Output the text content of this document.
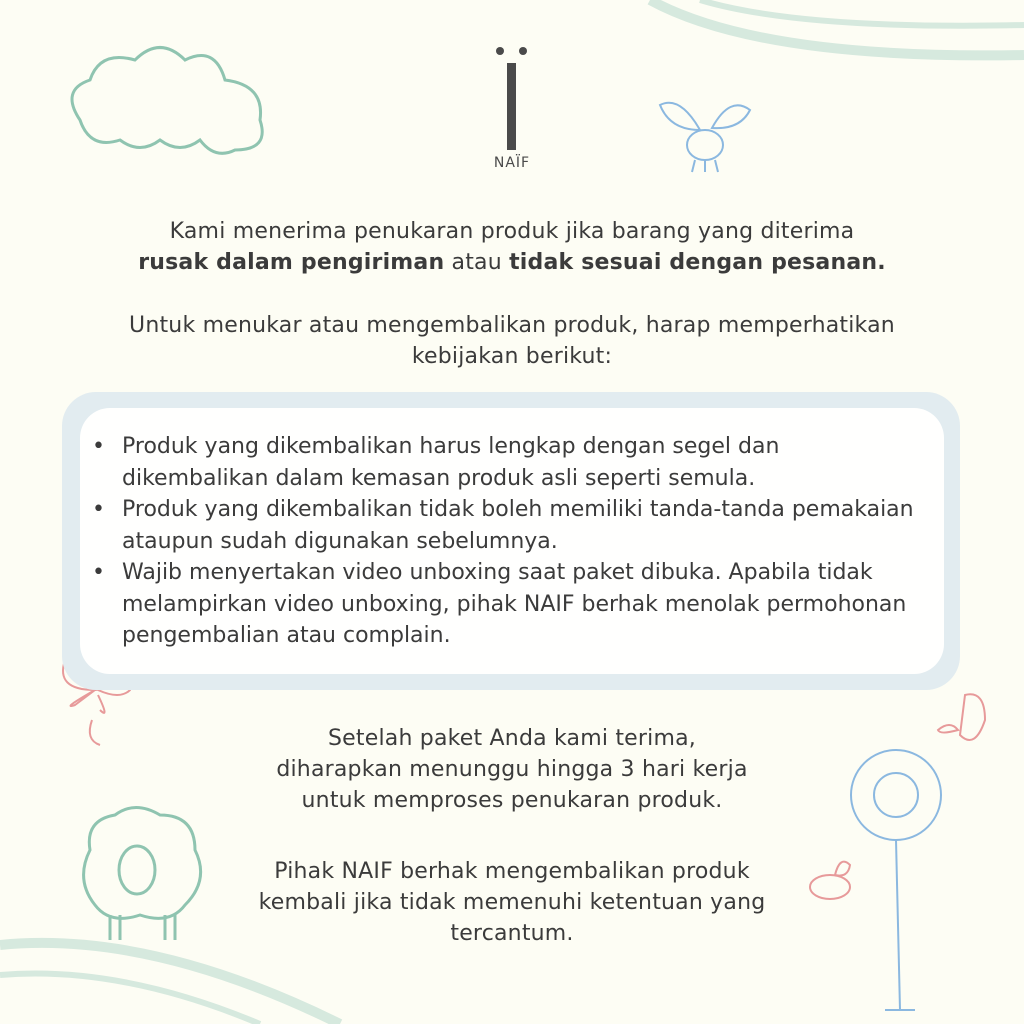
NAÏF
Kami menerima penukaran produk jika barang yang diterima
rusak dalam pengiriman atau tidak sesuai dengan pesanan.
Untuk menukar atau mengembalikan produk, harap memperhatikan
kebijakan berikut:
• Produk yang dikembalikan harus lengkap dengan segel dan dikembalikan dalam kemasan produk asli seperti semula.
• Produk yang dikembalikan tidak boleh memiliki tanda-tanda pemakaian ataupun sudah digunakan sebelumnya.
• Wajib menyertakan video unboxing saat paket dibuka. Apabila tidak melampirkan video unboxing, pihak NAIF berhak menolak permohonan pengembalian atau complain.
Setelah paket Anda kami terima,
diharapkan menunggu hingga 3 hari kerja
untuk memproses penukaran produk.
Pihak NAIF berhak mengembalikan produk
kembali jika tidak memenuhi ketentuan yang
tercantum.
